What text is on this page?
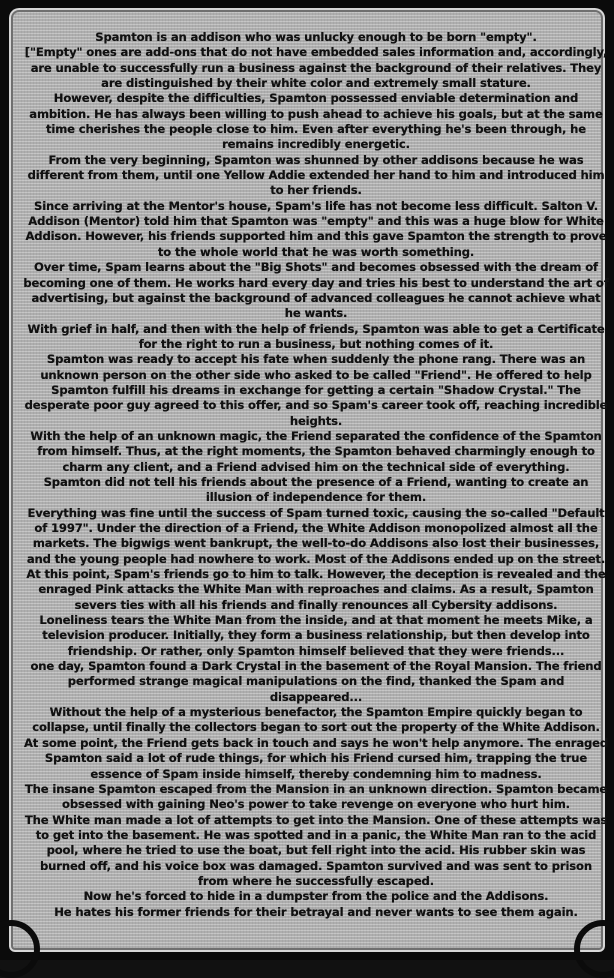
Spamton is an addison who was unlucky enough to be born "empty".

["Empty" ones are add-ons that do not have embedded sales information and, accordingly, are unable to successfully run a business against the background of their relatives. They are distinguished by their white color and extremely small stature.

However, despite the difficulties, Spamton possessed enviable determination and ambition. He has always been willing to push ahead to achieve his goals, but at the same time cherishes the people close to him. Even after everything he's been through, he remains incredibly energetic.

From the very beginning, Spamton was shunned by other addisons because he was different from them, until one Yellow Addie extended her hand to him and introduced him to her friends.

Since arriving at the Mentor's house, Spam's life has not become less difficult. Salton V. Addison (Mentor) told him that Spamton was "empty" and this was a huge blow for White Addison. However, his friends supported him and this gave Spamton the strength to prove to the whole world that he was worth something.

Over time, Spam learns about the "Big Shots" and becomes obsessed with the dream of becoming one of them. He works hard every day and tries his best to understand the art of advertising, but against the background of advanced colleagues he cannot achieve what he wants.

With grief in half, and then with the help of friends, Spamton was able to get a Certificate for the right to run a business, but nothing comes of it.

Spamton was ready to accept his fate when suddenly the phone rang. There was an unknown person on the other side who asked to be called "Friend". He offered to help Spamton fulfill his dreams in exchange for getting a certain "Shadow Crystal." The desperate poor guy agreed to this offer, and so Spam's career took off, reaching incredible heights.

With the help of an unknown magic, the Friend separated the confidence of the Spamton from himself. Thus, at the right moments, the Spamton behaved charmingly enough to charm any client, and a Friend advised him on the technical side of everything.

Spamton did not tell his friends about the presence of a Friend, wanting to create an illusion of independence for them.

Everything was fine until the success of Spam turned toxic, causing the so-called "Default of 1997". Under the direction of a Friend, the White Addison monopolized almost all the markets. The bigwigs went bankrupt, the well-to-do Addisons also lost their businesses, and the young people had nowhere to work. Most of the Addisons ended up on the street.

At this point, Spam's friends go to him to talk. However, the deception is revealed and the enraged Pink attacks the White Man with reproaches and claims. As a result, Spamton severs ties with all his friends and finally renounces all Cybersity addisons.

Loneliness tears the White Man from the inside, and at that moment he meets Mike, a television producer. Initially, they form a business relationship, but then develop into friendship. Or rather, only Spamton himself believed that they were friends...

one day, Spamton found a Dark Crystal in the basement of the Royal Mansion. The friend performed strange magical manipulations on the find, thanked the Spam and disappeared...

Without the help of a mysterious benefactor, the Spamton Empire quickly began to collapse, until finally the collectors began to sort out the property of the White Addison.

At some point, the Friend gets back in touch and says he won't help anymore. The enraged Spamton said a lot of rude things, for which his Friend cursed him, trapping the true essence of Spam inside himself, thereby condemning him to madness.

The insane Spamton escaped from the Mansion in an unknown direction. Spamton became obsessed with gaining Neo's power to take revenge on everyone who hurt him.

The White man made a lot of attempts to get into the Mansion. One of these attempts was to get into the basement. He was spotted and in a panic, the White Man ran to the acid pool, where he tried to use the boat, but fell right into the acid. His rubber skin was burned off, and his voice box was damaged. Spamton survived and was sent to prison from where he successfully escaped.

Now he's forced to hide in a dumpster from the police and the Addisons.

He hates his former friends for their betrayal and never wants to see them again.
